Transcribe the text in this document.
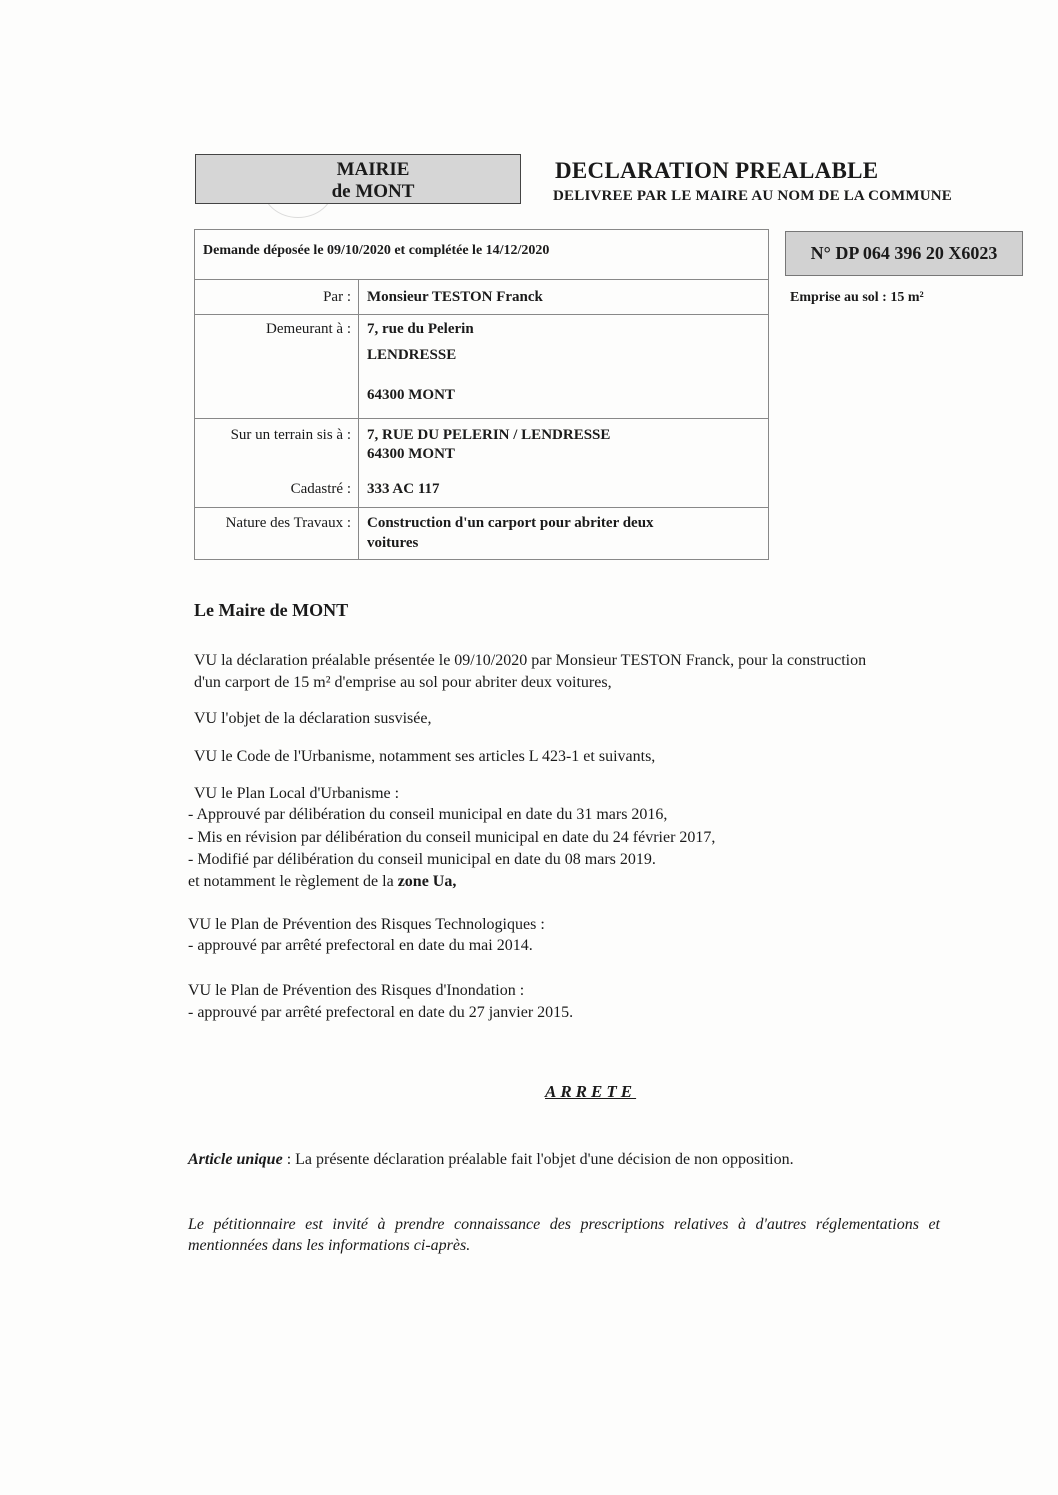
MAIRIE
de MONT
DECLARATION PREALABLE
DELIVREE PAR LE MAIRE AU NOM DE LA COMMUNE
Demande déposée le 09/10/2020 et complétée le 14/12/2020
Par : Monsieur TESTON Franck
Demeurant à : 7, rue du Pelerin
LENDRESSE
64300 MONT
Sur un terrain sis à : 7, RUE DU PELERIN / LENDRESSE
64300 MONT
Cadastré : 333 AC 117
Nature des Travaux : Construction d'un carport pour abriter deux
voitures
N° DP 064 396 20 X6023
Emprise au sol : 15 m²
Le Maire de MONT
VU la déclaration préalable présentée le 09/10/2020 par Monsieur TESTON Franck, pour la construction
d'un carport de 15 m² d'emprise au sol pour abriter deux voitures,
VU l'objet de la déclaration susvisée,
VU le Code de l'Urbanisme, notamment ses articles L 423-1 et suivants,
VU le Plan Local d'Urbanisme :
- Approuvé par délibération du conseil municipal en date du 31 mars 2016,
- Mis en révision par délibération du conseil municipal en date du 24 février 2017,
- Modifié par délibération du conseil municipal en date du 08 mars 2019.
et notamment le règlement de la zone Ua,
VU le Plan de Prévention des Risques Technologiques :
- approuvé par arrêté prefectoral en date du mai 2014.
VU le Plan de Prévention des Risques d'Inondation :
- approuvé par arrêté prefectoral en date du 27 janvier 2015.
ARRETE
Article unique : La présente déclaration préalable fait l'objet d'une décision de non opposition.
Le pétitionnaire est invité à prendre connaissance des prescriptions relatives à d'autres réglementations et mentionnées dans les informations ci-après.
